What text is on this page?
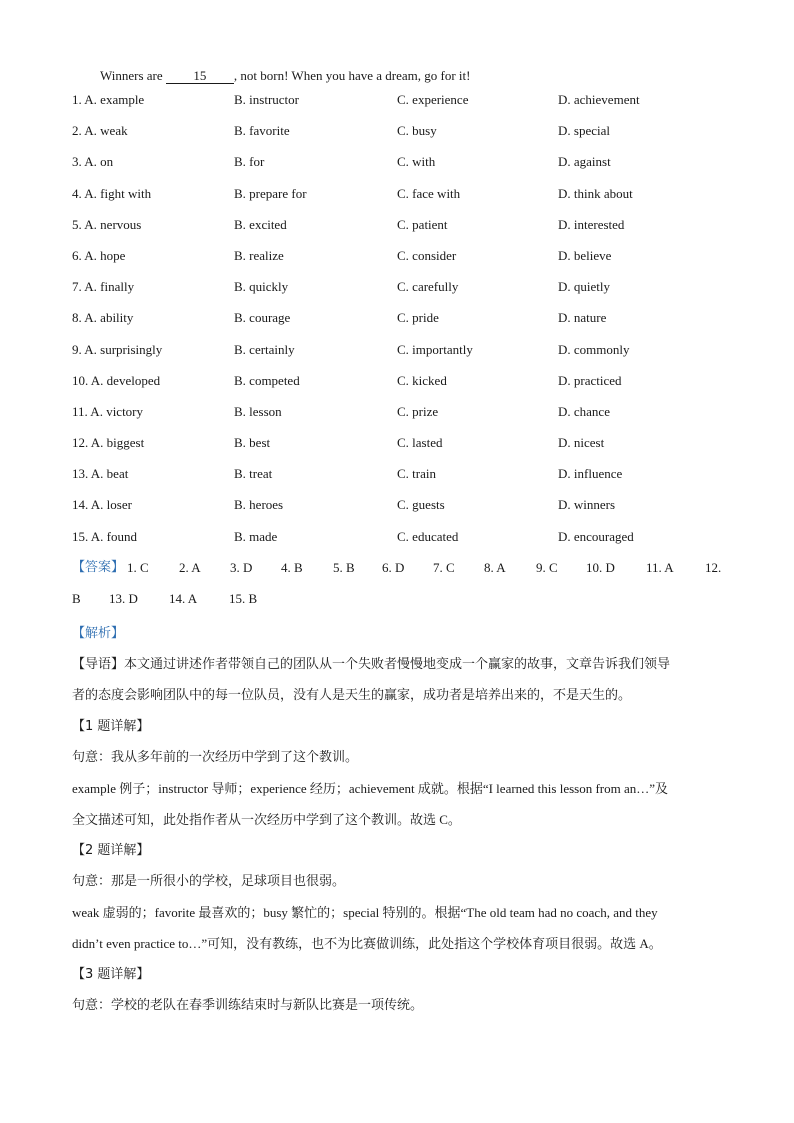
Winners are 15 , not born! When you have a dream, go for it!
1. A. example	B. instructor	C. experience	D. achievement
2. A. weak	B. favorite	C. busy	D. special
3. A. on	B. for	C. with	D. against
4. A. fight with	B. prepare for	C. face with	D. think about
5. A. nervous	B. excited	C. patient	D. interested
6. A. hope	B. realize	C. consider	D. believe
7. A. finally	B. quickly	C. carefully	D. quietly
8. A. ability	B. courage	C. pride	D. nature
9. A. surprisingly	B. certainly	C. importantly	D. commonly
10. A. developed	B. competed	C. kicked	D. practiced
11. A. victory	B. lesson	C. prize	D. chance
12. A. biggest	B. best	C. lasted	D. nicest
13. A. beat	B. treat	C. train	D. influence
14. A. loser	B. heroes	C. guests	D. winners
15. A. found	B. made	C. educated	D. encouraged
【答案】 1. C 2. A 3. D 4. B 5. B 6. D 7. C 8. A 9. C 10. D 11. A 12.
B 13. D 14. A 15. B
【解析】
【导语】本文通过讲述作者带领自己的团队从一个失败者慢慢地变成一个赢家的故事，文章告诉我们领导
者的态度会影响团队中的每一位队员，没有人是天生的赢家，成功者是培养出来的，不是天生的。
【1 题详解】
句意：我从多年前的一次经历中学到了这个教训。
example 例子；instructor 导师；experience 经历；achievement 成就。根据“I learned this lesson from an…”及
全文描述可知，此处指作者从一次经历中学到了这个教训。故选 C。
【2 题详解】
句意：那是一所很小的学校，足球项目也很弱。
weak 虚弱的；favorite 最喜欢的；busy 繁忙的；special 特别的。根据“The old team had no coach, and they
didn’t even practice to…”可知，没有教练，也不为比赛做训练，此处指这个学校体育项目很弱。故选 A。
【3 题详解】
句意：学校的老队在春季训练结束时与新队比赛是一项传统。
